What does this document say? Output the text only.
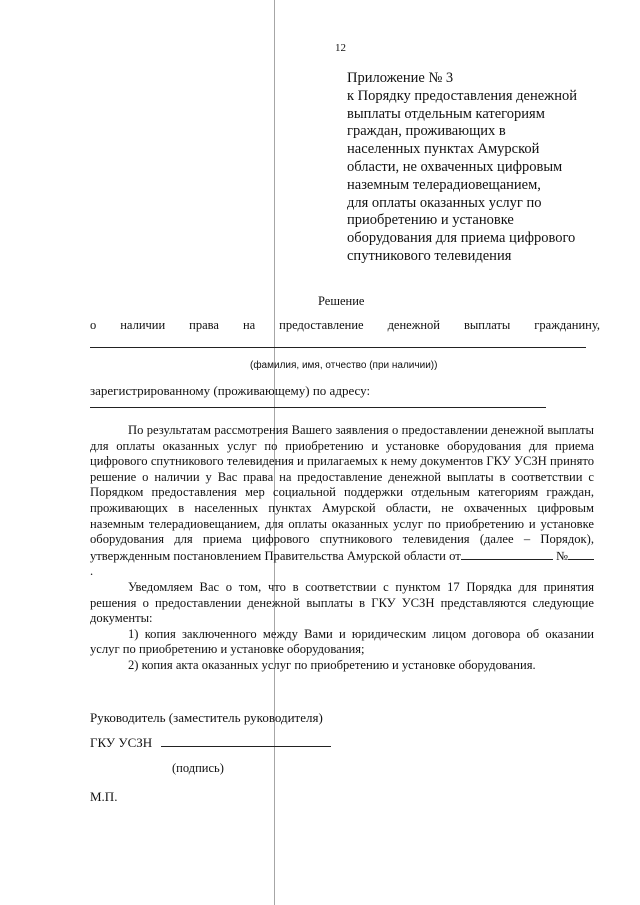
12
Приложение № 3
к Порядку предоставления денежной
выплаты отдельным категориям
граждан, проживающих в
населенных пунктах Амурской
области, не охваченных цифровым
наземным телерадиовещанием,
для оплаты оказанных услуг по
приобретению и установке
оборудования для приема цифрового
спутникового телевидения
Решение
о наличии права на предоставление денежной выплаты гражданину,
(фамилия, имя, отчество (при наличии))
зарегистрированному (проживающему) по адресу:

По результатам рассмотрения Вашего заявления о предоставлении денежной выплаты для оплаты оказанных услуг по приобретению и установке оборудования для приема цифрового спутникового телевидения и прилагаемых к нему документов ГКУ УСЗН принято решение о наличии у Вас права на предоставление денежной выплаты в соответствии с Порядком предоставления мер социальной поддержки отдельным категориям граждан, проживающих в населенных пунктах Амурской области, не охваченных цифровым наземным телерадиовещанием, для оплаты оказанных услуг по приобретению и установке оборудования для приема цифрового спутникового телевидения (далее – Порядок), утвержденным постановлением Правительства Амурской области от	№.

Уведомляем Вас о том, что в соответствии с пунктом 17 Порядка для принятия решения о предоставлении денежной выплаты в ГКУ УСЗН представляются следующие документы:

1) копия заключенного между Вами и юридическим лицом договора об оказании услуг по приобретению и установке оборудования;

2) копия акта оказанных услуг по приобретению и установке оборудования.

Руководитель (заместитель руководителя)
ГКУ УСЗН
(подпись)
М.П.
